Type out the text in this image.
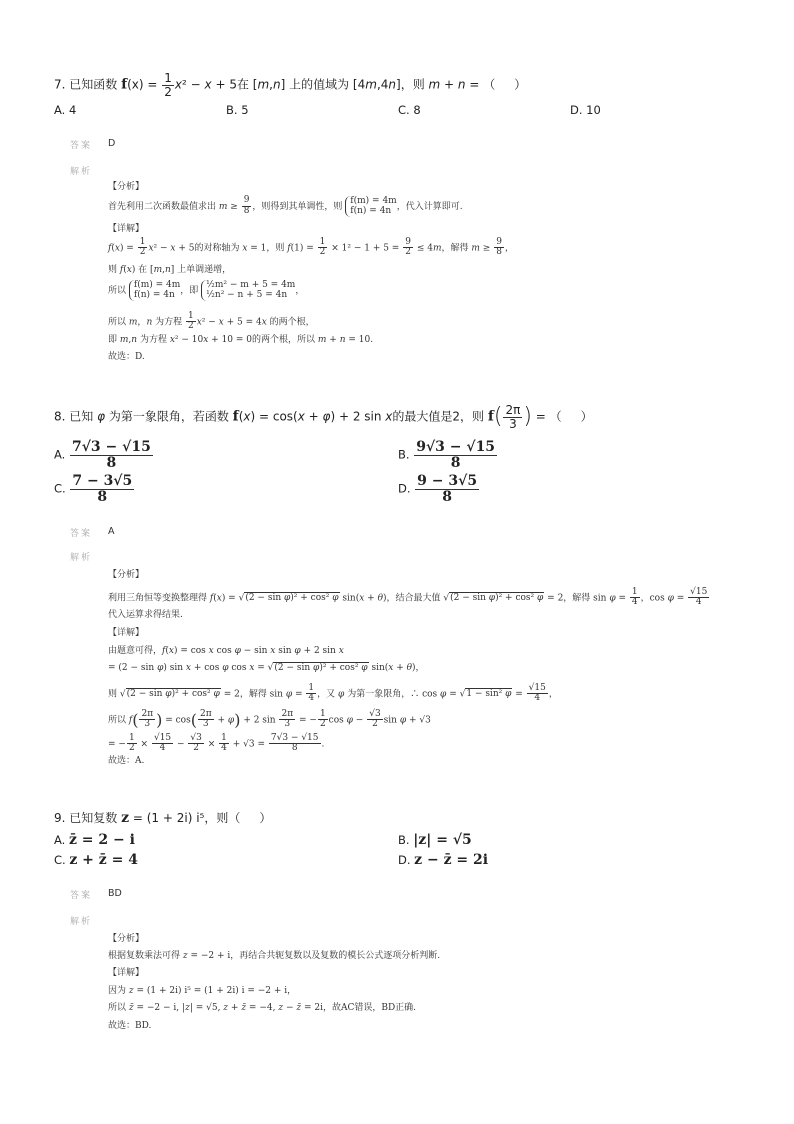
7. 已知函数 $f(x) = \frac{1}{2} x^2 - x + 5$在 [m,n] 上的值域为 [4m,4n]，则 m + n = （     ）
A. 4	B. 5	C. 8	D. 10
答案 D
解析
【分析】
首先利用二次函数最值求出 $m \ge \frac{9}{8}$ ，则得到其单调性，则 f(m) = 4m
f(n) = 4n ，代入计算即可.
【详解】
$f(x) = \frac{1}{2} x^2 - x + 5$的对称轴为 x = 1，则 $f(1) = \frac{1}{2} \times 1^2 - 1 + 5 = \frac{9}{2} \le 4m$，解得 $m \ge \frac{9}{8}$ ，
则 f(x) 在 [m,n] 上单调递增，
所以 f(m) = 4m
f(n) = 4n ，即 ½m² − m + 5 = 4m
½n² − n + 5 = 4n ，
所以 m，n 为方程 $\frac{1}{2} x^2 - x + 5 = 4x$ 的两个根，
即 m,n 为方程 x² − 10x + 10 = 0的两个根，所以 m + n = 10.
故选：D.
8. 已知 φ 为第一象限角，若函数 f(x) = cos(x + φ) + 2 sin x的最大值是2，则 $f( \frac{2\pi}{3}$ ) = （     ）
A. $\frac{7√3 - √15}{8}$	B. $\frac{9√3 - √15}{8}$
C. $\frac{7 - 3√5}{8}$	D. $\frac{9 - 3√5}{8}$
答案 A
解析
【分析】
利用三角恒等变换整理得 f(x) = √(2 − sin φ)² + cos² φ sin(x + θ)，结合最大值 √(2 − sin φ)² + cos² φ = 2，解得 $\sin \varphi = \frac{1}{4}$ ，$\cos \varphi = \frac{√15}{4}$
代入运算求得结果.
【详解】
由题意可得，f(x) = cos x cos φ − sin x sin φ + 2 sin x
= (2 − sin φ) sin x + cos φ cos x = √(2 − sin φ)² + cos² φ sin(x + θ)，
则 √(2 − sin φ)² + cos² φ = 2，解得 $\sin \varphi = \frac{1}{4}$ ，又 φ 为第一象限角，∴ cos φ = √1 − sin² $\varphi = \frac{√15}{4}$ ，
所以 $f( \frac{2\pi}{3}$ ) = $\cos( \frac{2\pi}{3} + \varphi) + 2$ $\sin \frac{2\pi}{3}$ = − $\frac{1}{2}$ $\cos \varphi - \frac{√3}{2}$ sin φ + √3
= − $\frac{1}{2} \times \frac{√15}{4} - \frac{√3}{2} \times \frac{1}{4} + √3 = \frac{7√3 - √15}{8}$ .
故选：A.
9. 已知复数 z = (1 + 2i) i⁵，则（     ）
A. z̄ = 2 − i	B. |z| = √5
C. z + z̄ = 4	D. z − z̄ = 2i
答案 BD
解析
【分析】
根据复数乘法可得 z = −2 + i，再结合共轭复数以及复数的模长公式逐项分析判断.
【详解】
因为 z = (1 + 2i) i⁵ = (1 + 2i) i = −2 + i，
所以 z̄ = −2 − i, |z| = √5, z + z̄ = −4, z − z̄ = 2i，故AC错误，BD正确.
故选：BD.
